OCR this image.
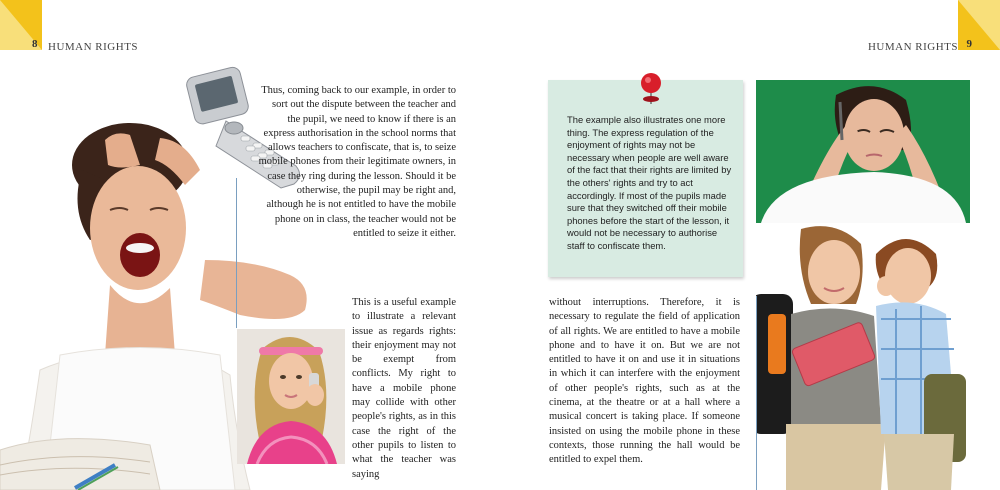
8 HUMAN RIGHTS
Thus, coming back to our example, in order to sort out the dispute between the teacher and the pupil, we need to know if there is an express authorisation in the school norms that allows teachers to confiscate, that is, to seize mobile phones from their legitimate owners, in case they ring during the lesson. Should it be otherwise, the pupil may be right and, although he is not entitled to have the mobile phone on in class, the teacher would not be entitled to seize it either.
This is a useful example to illustrate a relevant issue as regards rights: their enjoyment may not be exempt from conflicts. My right to have a mobile phone may collide with other people's rights, as in this case the right of the other pupils to listen to what the teacher was saying
9
HUMAN RIGHTS
The example also illustrates one more thing. The express regulation of the enjoyment of rights may not be necessary when people are well aware of the fact that their rights are limited by the others' rights and try to act accordingly. If most of the pupils made sure that they switched off their mobile phones before the start of the lesson, it would not be necessary to authorise staff to confiscate them.
without interruptions. Therefore, it is necessary to regulate the field of application of all rights. We are entitled to have a mobile phone and to have it on. But we are not entitled to have it on and use it in situations in which it can interfere with the enjoyment of other people's rights, such as at the cinema, at the theatre or at a hall where a musical concert is taking place. If someone insisted on using the mobile phone in these contexts, those running the hall would be entitled to expel them.
